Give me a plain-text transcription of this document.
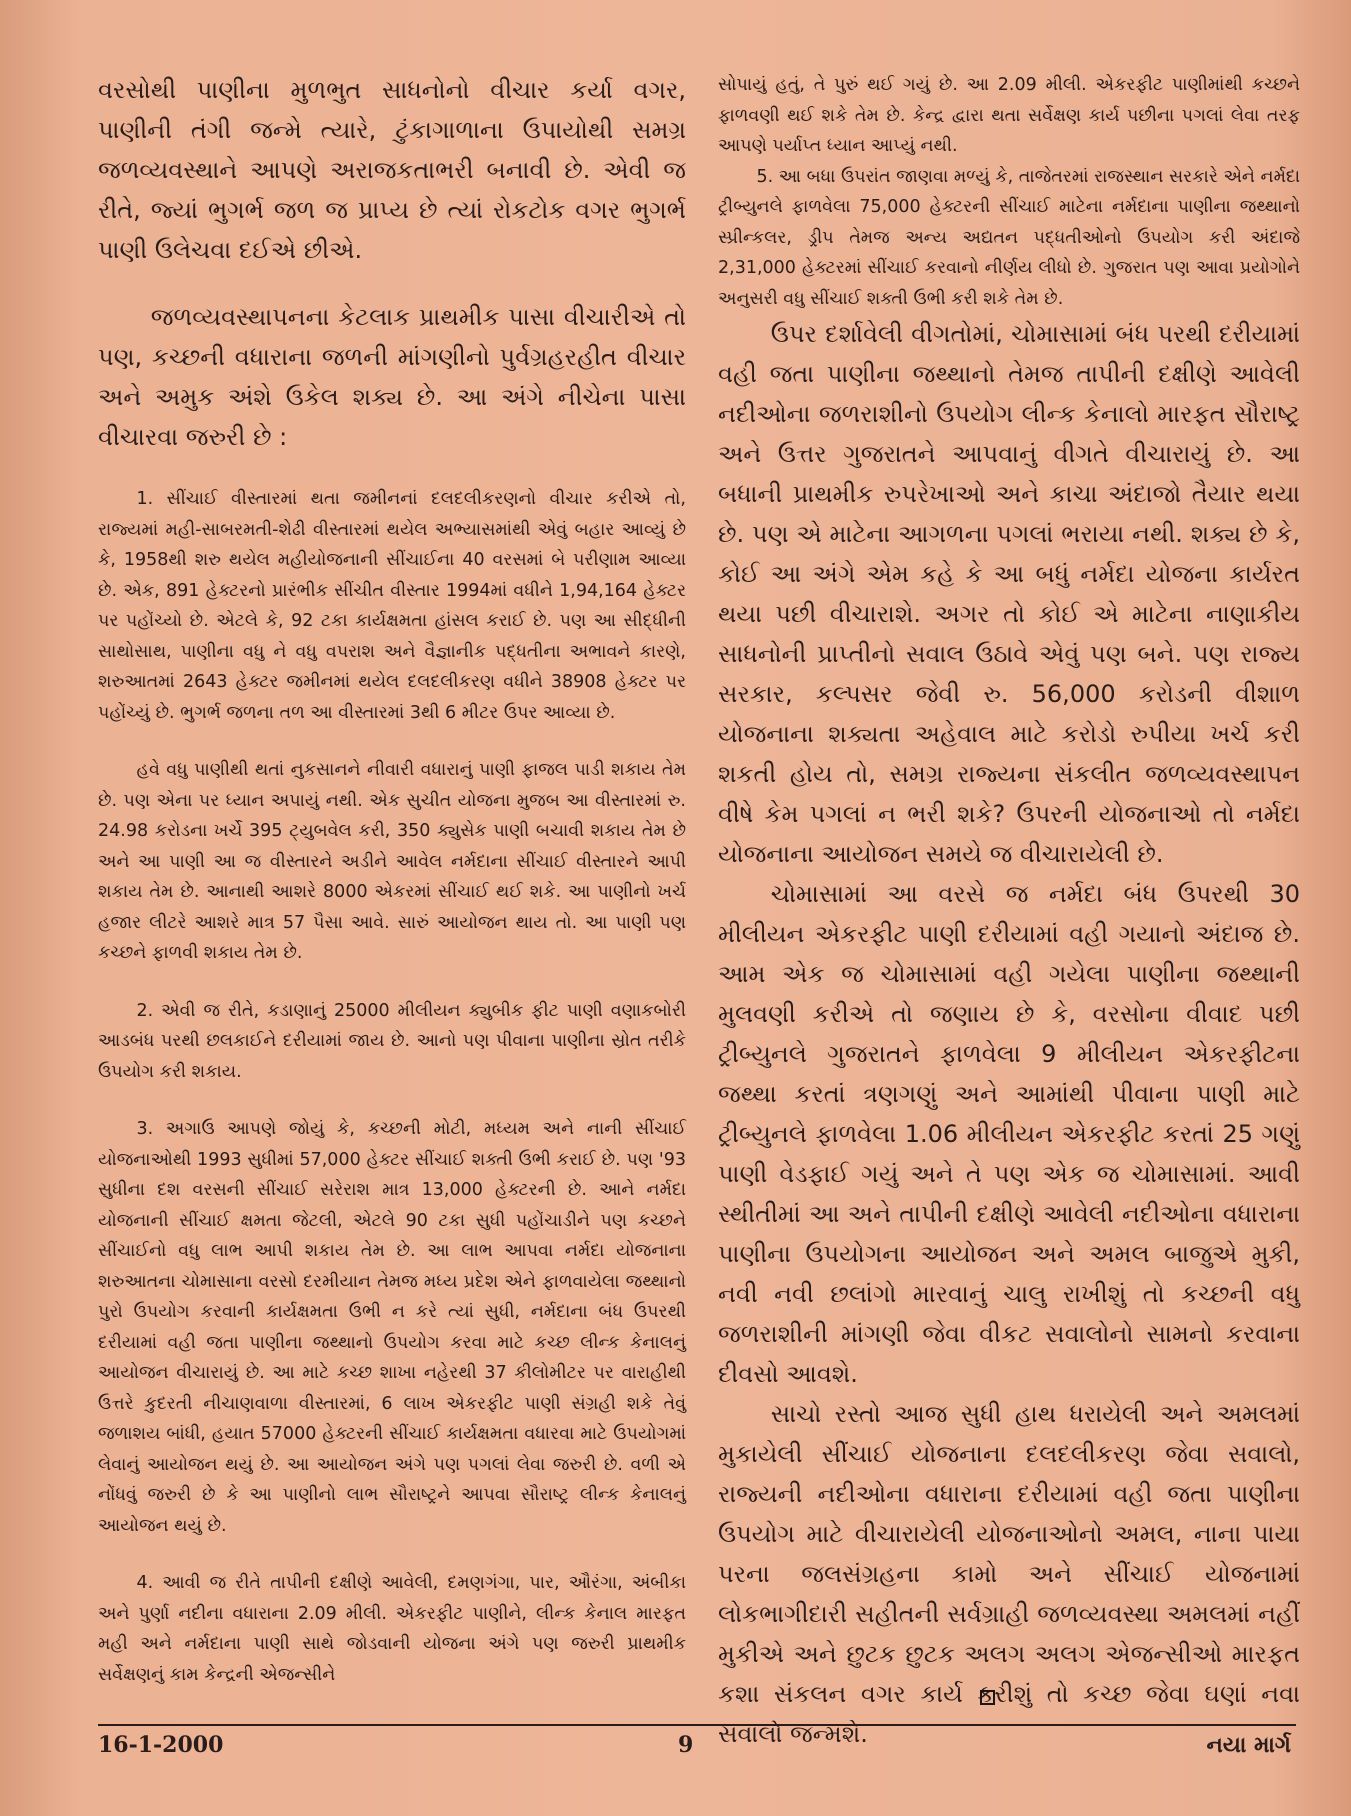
વરસોથી પાણીના મુળભુત સાધનોનો વીચાર કર્યા વગર, પાણીની તંગી જન્મે ત્યારે, ટુંકાગાળાના ઉપાયોથી સમગ્ર જળવ્યવસ્થાને આપણે અરાજકતાભરી બનાવી છે. એવી જ રીતે, જ્યાં ભુગર્ભ જળ જ પ્રાપ્ય છે ત્યાં રોકટોક વગર ભુગર્ભ પાણી ઉલેચવા દઈએ છીએ.

જળવ્યવસ્થાપનના કેટલાક પ્રાથમીક પાસા વીચારીએ તો પણ, કચ્છની વધારાના જળની માંગણીનો પુર્વગ્રહરહીત વીચાર અને અમુક અંશે ઉકેલ શક્ય છે. આ અંગે નીચેના પાસા વીચારવા જરુરી છે :

1. સીંચાઈ વીસ્તારમાં થતા જમીનનાં દલદલીકરણનો વીચાર કરીએ તો, રાજ્યમાં મહી-સાબરમતી-શેઢી વીસ્તારમાં થયેલ અભ્યાસમાંથી એવું બહાર આવ્યું છે કે, 1958થી શરુ થયેલ મહીયોજનાની સીંચાઈના 40 વરસમાં બે પરીણામ આવ્યા છે. એક, 891 હેક્ટરનો પ્રારંભીક સીંચીત વીસ્તાર 1994માં વધીને 1,94,164 હેક્ટર પર પહોંચ્યો છે. એટલે કે, 92 ટકા કાર્યક્ષમતા હાંસલ કરાઈ છે. પણ આ સીદ્ધીની સાથોસાથ, પાણીના વધુ ને વધુ વપરાશ અને વૈજ્ઞાનીક પદ્ધતીના અભાવને કારણે, શરુઆતમાં 2643 હેક્ટર જમીનમાં થયેલ દલદલીકરણ વધીને 38908 હેક્ટર પર પહોંચ્યું છે. ભુગર્ભ જળના તળ આ વીસ્તારમાં 3થી 6 મીટર ઉપર આવ્યા છે.

હવે વધુ પાણીથી થતાં નુકસાનને નીવારી વધારાનું પાણી ફાજલ પાડી શકાય તેમ છે. પણ એના પર ધ્યાન અપાયું નથી. એક સુચીત યોજના મુજબ આ વીસ્તારમાં રુ. 24.98 કરોડના ખર્ચે 395 ટ્યુબવેલ કરી, 350 ક્યુસેક પાણી બચાવી શકાય તેમ છે અને આ પાણી આ જ વીસ્તારને અડીને આવેલ નર્મદાના સીંચાઈ વીસ્તારને આપી શકાય તેમ છે. આનાથી આશરે 8000 એકરમાં સીંચાઈ થઈ શકે. આ પાણીનો ખર્ચ હજાર લીટરે આશરે માત્ર 57 પૈસા આવે. સારું આયોજન થાય તો. આ પાણી પણ કચ્છને ફાળવી શકાય તેમ છે.

2. એવી જ રીતે, કડાણાનું 25000 મીલીયન ક્યુબીક ફીટ પાણી વણાકબોરી આડબંધ પરથી છલકાઈને દરીયામાં જાય છે. આનો પણ પીવાના પાણીના સ્રોત તરીકે ઉપયોગ કરી શકાય.

3. અગાઉ આપણે જોયું કે, કચ્છની મોટી, મધ્યમ અને નાની સીંચાઈ યોજનાઓથી 1993 સુધીમાં 57,000 હેક્ટર સીંચાઈ શક્તી ઉભી કરાઈ છે. પણ '93 સુધીના દશ વરસની સીંચાઈ સરેરાશ માત્ર 13,000 હેક્ટરની છે. આને નર્મદા યોજનાની સીંચાઈ ક્ષમતા જેટલી, એટલે 90 ટકા સુધી પહોંચાડીને પણ કચ્છને સીંચાઈનો વધુ લાભ આપી શકાય તેમ છે. આ લાભ આપવા નર્મદા યોજનાના શરુઆતના ચોમાસાના વરસો દરમીયાન તેમજ મધ્ય પ્રદેશ એને ફાળવાયેલા જથ્થાનો પુરો ઉપયોગ કરવાની કાર્યક્ષમતા ઉભી ન કરે ત્યાં સુધી, નર્મદાના બંધ ઉપરથી દરીયામાં વહી જતા પાણીના જથ્થાનો ઉપયોગ કરવા માટે કચ્છ લીન્ક કેનાલનું આયોજન વીચારાયું છે. આ માટે કચ્છ શાખા નહેરથી 37 કીલોમીટર પર વારાહીથી ઉત્તરે કુદરતી નીચાણવાળા વીસ્તારમાં, 6 લાખ એકરફીટ પાણી સંગ્રહી શકે તેવું જળાશય બાંધી, હયાત 57000 હેક્ટરની સીંચાઈ કાર્યક્ષમતા વધારવા માટે ઉપયોગમાં લેવાનું આયોજન થયું છે. આ આયોજન અંગે પણ પગલાં લેવા જરુરી છે. વળી એ નોંધવું જરુરી છે કે આ પાણીનો લાભ સૌરાષ્ટ્રને આપવા સૌરાષ્ટ્ર લીન્ક કેનાલનું આયોજન થયું છે.

4. આવી જ રીતે તાપીની દક્ષીણે આવેલી, દમણગંગા, પાર, ઔરંગા, અંબીકા અને પુર્ણા નદીના વધારાના 2.09 મીલી. એકરફીટ પાણીને, લીન્ક કેનાલ મારફત મહી અને નર્મદાના પાણી સાથે જોડવાની યોજના અંગે પણ જરુરી પ્રાથમીક સર્વેક્ષણનું કામ કેન્દ્રની એજન્સીને

સોપાયું હતું, તે પુરું થઈ ગયું છે. આ 2.09 મીલી. એકરફીટ પાણીમાંથી કચ્છને ફાળવણી થઈ શકે તેમ છે. કેન્દ્ર દ્વારા થતા સર્વેક્ષણ કાર્ય પછીના પગલાં લેવા તરફ આપણે પર્યાપ્ત ધ્યાન આપ્યું નથી.

5. આ બધા ઉપરાંત જાણવા મળ્યું કે, તાજેતરમાં રાજસ્થાન સરકારે એને નર્મદા ટ્રીબ્યુનલે ફાળવેલા 75,000 હેક્ટરની સીંચાઈ માટેના નર્મદાના પાણીના જથ્થાનો સ્પ્રીન્કલર, ડ્રીપ તેમજ અન્ય અદ્યતન પદ્ધતીઓનો ઉપયોગ કરી અંદાજે 2,31,000 હેક્ટરમાં સીંચાઈ કરવાનો નીર્ણય લીધો છે. ગુજરાત પણ આવા પ્રયોગોને અનુસરી વધુ સીંચાઈ શક્તી ઉભી કરી શકે તેમ છે.

ઉપર દર્શાવેલી વીગતોમાં, ચોમાસામાં બંધ પરથી દરીયામાં વહી જતા પાણીના જથ્થાનો તેમજ તાપીની દક્ષીણે આવેલી નદીઓના જળરાશીનો ઉપયોગ લીન્ક કેનાલો મારફત સૌરાષ્ટ્ર અને ઉત્તર ગુજરાતને આપવાનું વીગતે વીચારાયું છે. આ બધાની પ્રાથમીક રુપરેખાઓ અને કાચા અંદાજો તૈયાર થયા છે. પણ એ માટેના આગળના પગલાં ભરાયા નથી. શક્ય છે કે, કોઈ આ અંગે એમ કહે કે આ બધું નર્મદા યોજના કાર્યરત થયા પછી વીચારાશે. અગર તો કોઈ એ માટેના નાણાકીય સાધનોની પ્રાપ્તીનો સવાલ ઉઠાવે એવું પણ બને. પણ રાજ્ય સરકાર, કલ્પસર જેવી રુ. 56,000 કરોડની વીશાળ યોજનાના શક્યતા અહેવાલ માટે કરોડો રુપીયા ખર્ચ કરી શકતી હોય તો, સમગ્ર રાજ્યના સંકલીત જળવ્યવસ્થાપન વીષે કેમ પગલાં ન ભરી શકે? ઉપરની યોજનાઓ તો નર્મદા યોજનાના આયોજન સમયે જ વીચારાયેલી છે.

ચોમાસામાં આ વરસે જ નર્મદા બંધ ઉપરથી 30 મીલીયન એકરફીટ પાણી દરીયામાં વહી ગયાનો અંદાજ છે. આમ એક જ ચોમાસામાં વહી ગયેલા પાણીના જથ્થાની મુલવણી કરીએ તો જણાય છે કે, વરસોના વીવાદ પછી ટ્રીબ્યુનલે ગુજરાતને ફાળવેલા 9 મીલીયન એકરફીટના જથ્થા કરતાં ત્રણગણું અને આમાંથી પીવાના પાણી માટે ટ્રીબ્યુનલે ફાળવેલા 1.06 મીલીયન એકરફીટ કરતાં 25 ગણું પાણી વેડફાઈ ગયું અને તે પણ એક જ ચોમાસામાં. આવી સ્થીતીમાં આ અને તાપીની દક્ષીણે આવેલી નદીઓના વધારાના પાણીના ઉપયોગના આયોજન અને અમલ બાજુએ મુકી, નવી નવી છલાંગો મારવાનું ચાલુ રાખીશું તો કચ્છની વધુ જળરાશીની માંગણી જેવા વીકટ સવાલોનો સામનો કરવાના દીવસો આવશે.

સાચો રસ્તો આજ સુધી હાથ ધરાયેલી અને અમલમાં મુકાયેલી સીંચાઈ યોજનાના દલદલીકરણ જેવા સવાલો, રાજ્યની નદીઓના વધારાના દરીયામાં વહી જતા પાણીના ઉપયોગ માટે વીચારાયેલી યોજનાઓનો અમલ, નાના પાયા પરના જલસંગ્રહના કામો અને સીંચાઈ યોજનામાં લોકભાગીદારી સહીતની સર્વગ્રાહી જળવ્યવસ્થા અમલમાં નહીં મુકીએ અને છુટક છુટક અલગ અલગ એજન્સીઓ મારફત કશા સંકલન વગર કાર્ય કરીશું તો કચ્છ જેવા ઘણાં નવા સવાલો જન્મશે.

16-1-2000	9	નયા માર્ગ
